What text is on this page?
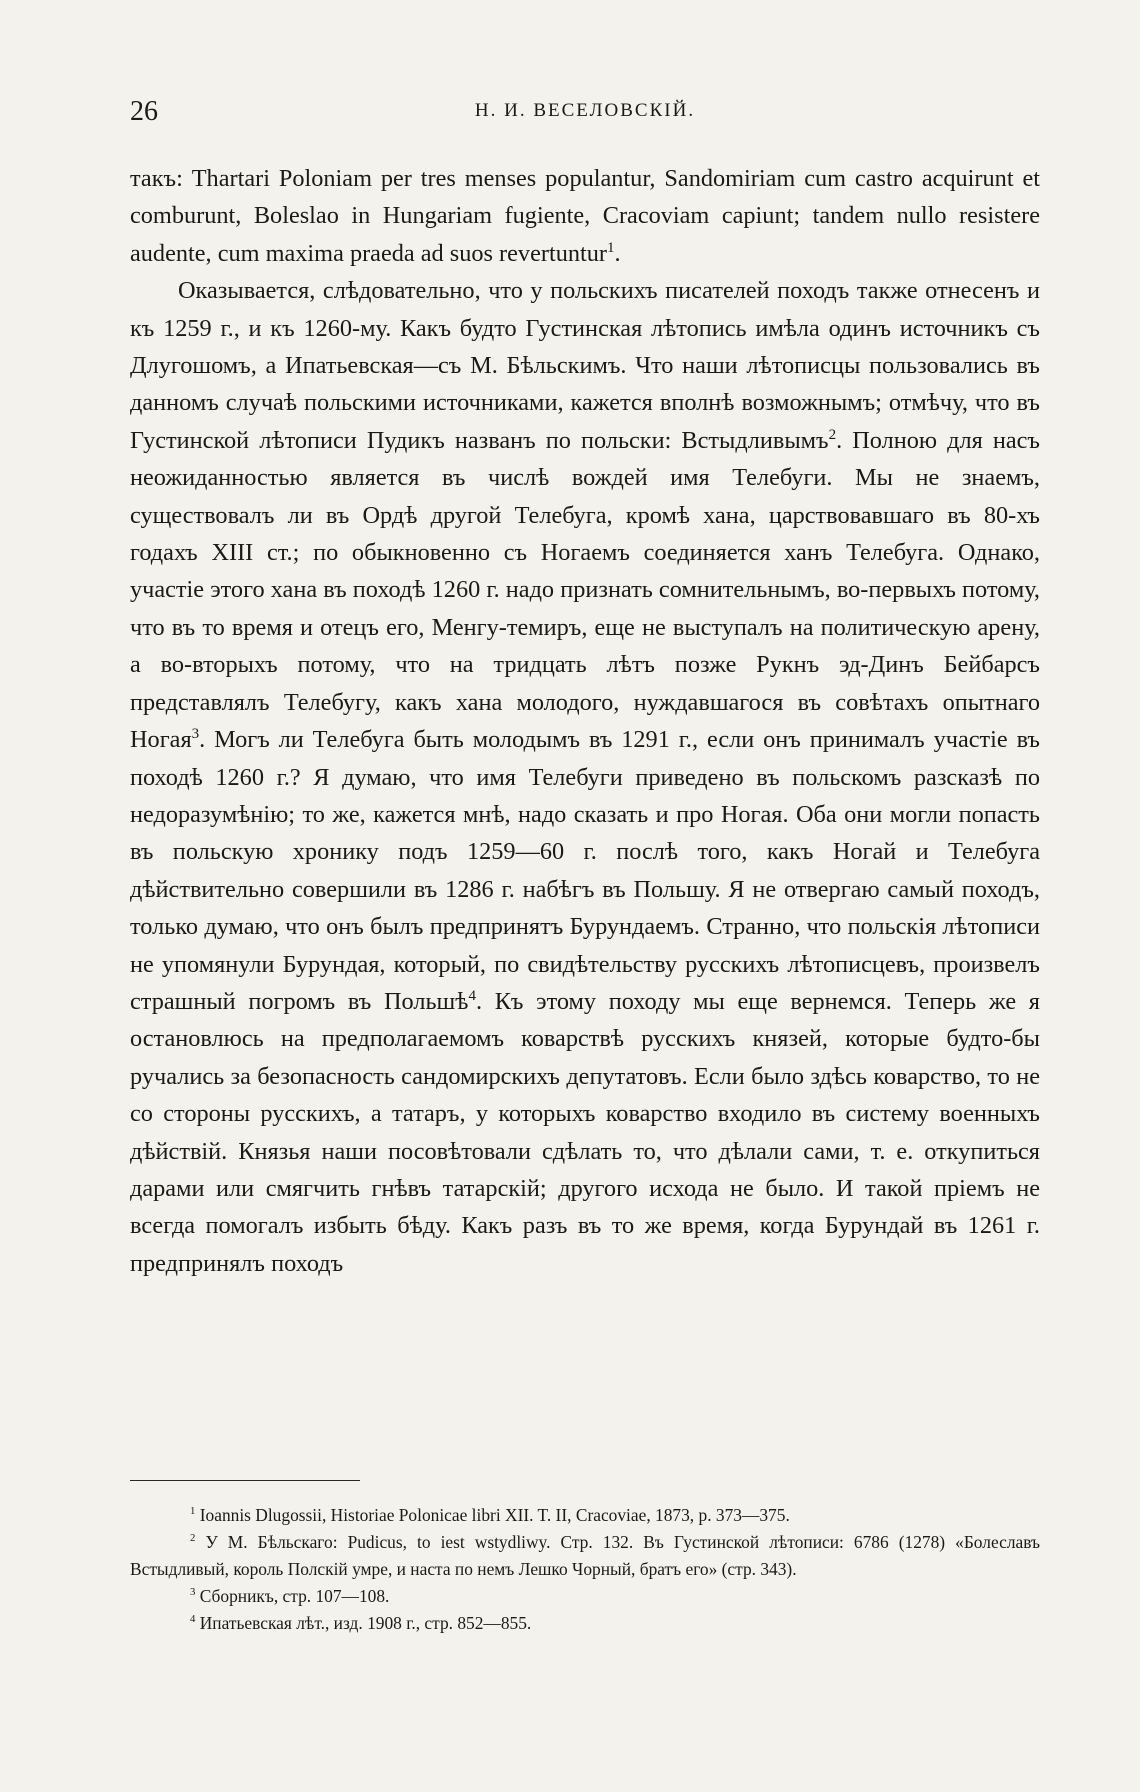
26	Н. И. ВЕСЕЛОВСКІЙ.

такъ: Thartari Poloniam per tres menses populantur, Sandomiriam cum castro acquirunt et comburunt, Boleslao in Hungariam fugiente, Cracoviam capiunt; tandem nullo resistere audente, cum maxima praeda ad suos revertuntur$^1$.

Оказывается, слѣдовательно, что у польскихъ писателей походъ также отнесенъ и къ 1259 г., и къ 1260-му. Какъ будто Густинская лѣтопись имѣла одинъ источникъ съ Длугошомъ, а Ипатьевская—съ М. Бѣльскимъ. Что наши лѣтописцы пользовались въ данномъ случаѣ польскими источниками, кажется вполнѣ возможнымъ; отмѣчу, что въ Густинской лѣтописи Пудикъ названъ по польски: Встыдливымъ$^2$. Полною для насъ неожиданностью является въ числѣ вождей имя Телебуги. Мы не знаемъ, существовалъ ли въ Ордѣ другой Телебуга, кромѣ хана, царствовавшаго въ 80-хъ годахъ XIII ст.; по обыкновенно съ Ногаемъ соединяется ханъ Телебуга. Однако, участіе этого хана въ походѣ 1260 г. надо признать сомнительнымъ, во-первыхъ потому, что въ то время и отецъ его, Менгу-темиръ, еще не выступалъ на политическую арену, а во-вторыхъ потому, что на тридцать лѣтъ позже Рукнъ эд-Динъ Бейбарсъ представлялъ Телебугу, какъ хана молодого, нуждавшагося въ совѣтахъ опытнаго Ногая$^3$. Могъ ли Телебуга быть молодымъ въ 1291 г., если онъ принималъ участіе въ походѣ 1260 г.? Я думаю, что имя Телебуги приведено въ польскомъ разсказѣ по недоразумѣнію; то же, кажется мнѣ, надо сказать и про Ногая. Оба они могли попасть въ польскую хронику подъ 1259—60 г. послѣ того, какъ Ногай и Телебуга дѣйствительно совершили въ 1286 г. набѣгъ въ Польшу. Я не отвергаю самый походъ, только думаю, что онъ былъ предпринятъ Бурундаемъ. Странно, что польскія лѣтописи не упомянули Бурундая, который, по свидѣтельству русскихъ лѣтописцевъ, произвелъ страшный погромъ въ Польшѣ$^4$. Къ этому походу мы еще вернемся. Теперь же я остановлюсь на предполагаемомъ коварствѣ русскихъ князей, которые будто-бы ручались за безопасность сандомирскихъ депутатовъ. Если было здѣсь коварство, то не со стороны русскихъ, а татаръ, у которыхъ коварство входило въ систему военныхъ дѣйствій. Князья наши посовѣтовали сдѣлать то, что дѣлали сами, т. е. откупиться дарами или смягчить гнѣвъ татарскій; другого исхода не было. И такой пріемъ не всегда помогалъ избыть бѣду. Какъ разъ въ то же время, когда Бурундай въ 1261 г. предпринялъ походъ

$^1$ Ioannis Dlugossii, Historiae Polonicae libri XII. T. II, Cracoviae, 1873, p. 373—375.

$^2$ У М. Бѣльскаго: Pudicus, to iest wstydliwy. Стр. 132. Въ Густинской лѣтописи: 6786 (1278) «Болеславъ Встыдливый, король Полскій умре, и наста по немъ Лешко Чорный, братъ его» (стр. 343).

$^3$ Сборникъ, стр. 107—108.

$^4$ Ипатьевская лѣт., изд. 1908 г., стр. 852—855.
